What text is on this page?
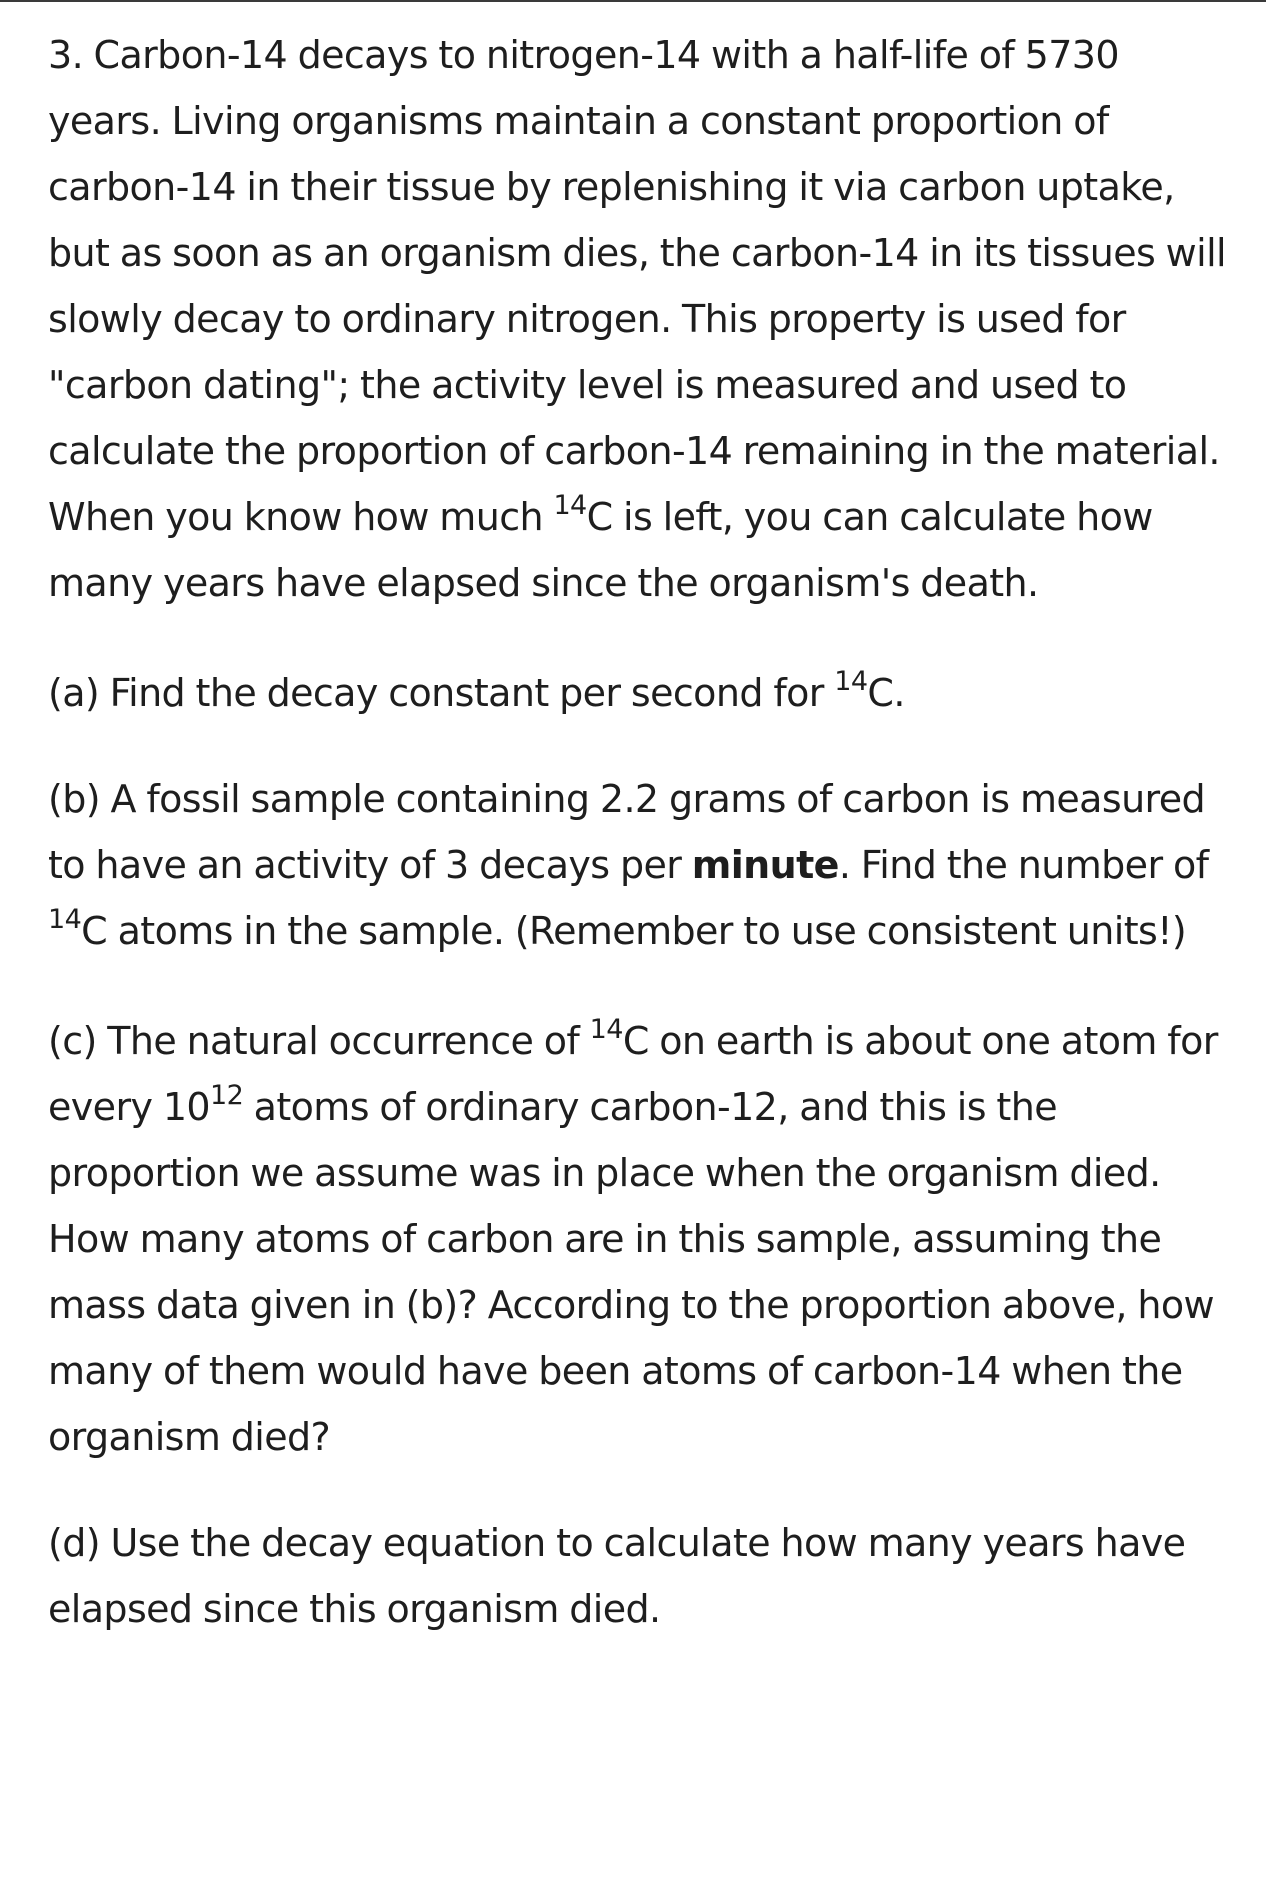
3. Carbon-14 decays to nitrogen-14 with a half-life of 5730 years. Living organisms maintain a constant proportion of carbon-14 in their tissue by replenishing it via carbon uptake, but as soon as an organism dies, the carbon-14 in its tissues will slowly decay to ordinary nitrogen. This property is used for "carbon dating"; the activity level is measured and used to calculate the proportion of carbon-14 remaining in the material. When you know how much $^{14}$C is left, you can calculate how many years have elapsed since the organism's death.

(a) Find the decay constant per second for $^{14}$C.

(b) A fossil sample containing 2.2 grams of carbon is measured to have an activity of 3 decays per minute. Find the number of $^{14}$C atoms in the sample. (Remember to use consistent units!)

(c) The natural occurrence of $^{14}$C on earth is about one atom for every $10^{12}$ atoms of ordinary carbon-12, and this is the proportion we assume was in place when the organism died. How many atoms of carbon are in this sample, assuming the mass data given in (b)? According to the proportion above, how many of them would have been atoms of carbon-14 when the organism died?

(d) Use the decay equation to calculate how many years have elapsed since this organism died.
